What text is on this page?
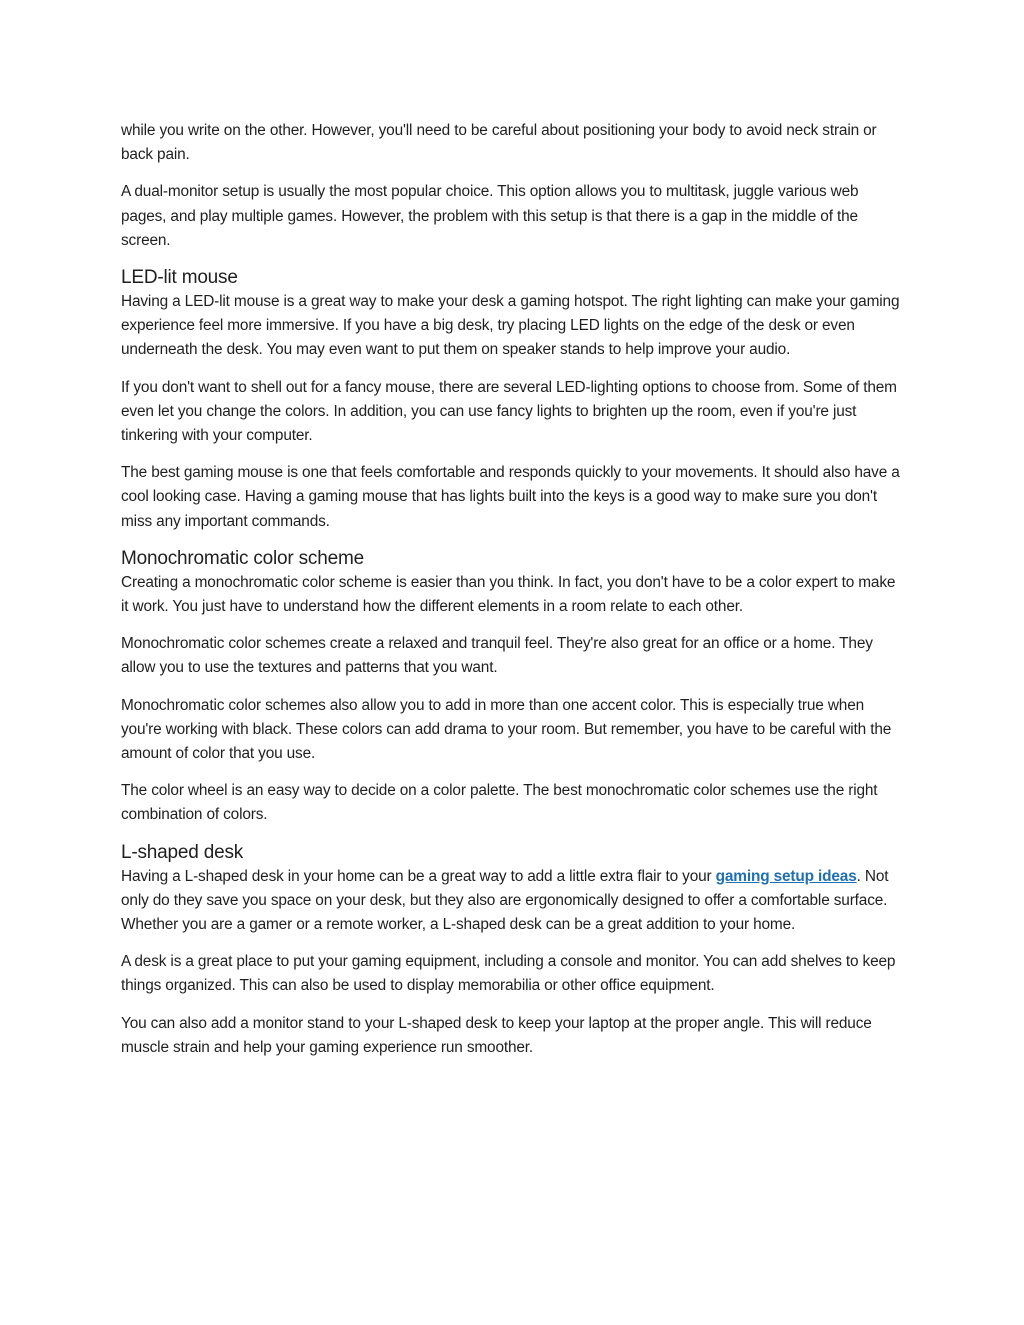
while you write on the other. However, you'll need to be careful about positioning your body to avoid neck strain or back pain.

A dual-monitor setup is usually the most popular choice. This option allows you to multitask, juggle various web pages, and play multiple games. However, the problem with this setup is that there is a gap in the middle of the screen.

LED-lit mouse

Having a LED-lit mouse is a great way to make your desk a gaming hotspot. The right lighting can make your gaming experience feel more immersive. If you have a big desk, try placing LED lights on the edge of the desk or even underneath the desk. You may even want to put them on speaker stands to help improve your audio.

If you don't want to shell out for a fancy mouse, there are several LED-lighting options to choose from. Some of them even let you change the colors. In addition, you can use fancy lights to brighten up the room, even if you're just tinkering with your computer.

The best gaming mouse is one that feels comfortable and responds quickly to your movements. It should also have a cool looking case. Having a gaming mouse that has lights built into the keys is a good way to make sure you don't miss any important commands.

Monochromatic color scheme

Creating a monochromatic color scheme is easier than you think. In fact, you don't have to be a color expert to make it work. You just have to understand how the different elements in a room relate to each other.

Monochromatic color schemes create a relaxed and tranquil feel. They're also great for an office or a home. They allow you to use the textures and patterns that you want.

Monochromatic color schemes also allow you to add in more than one accent color. This is especially true when you're working with black. These colors can add drama to your room. But remember, you have to be careful with the amount of color that you use.

The color wheel is an easy way to decide on a color palette. The best monochromatic color schemes use the right combination of colors.

L-shaped desk

Having a L-shaped desk in your home can be a great way to add a little extra flair to your gaming setup ideas. Not only do they save you space on your desk, but they also are ergonomically designed to offer a comfortable surface. Whether you are a gamer or a remote worker, a L-shaped desk can be a great addition to your home.

A desk is a great place to put your gaming equipment, including a console and monitor. You can add shelves to keep things organized. This can also be used to display memorabilia or other office equipment.

You can also add a monitor stand to your L-shaped desk to keep your laptop at the proper angle. This will reduce muscle strain and help your gaming experience run smoother.
